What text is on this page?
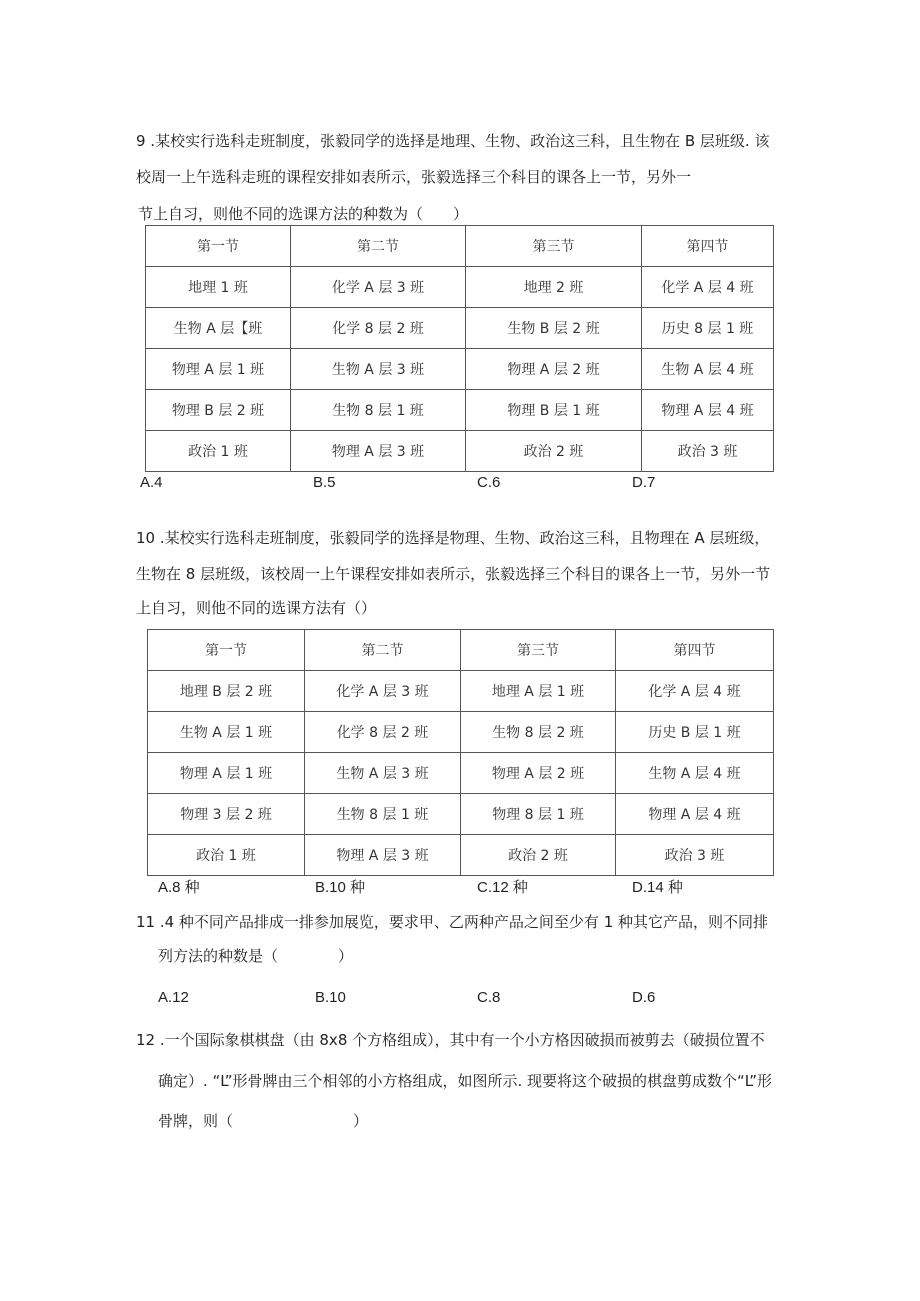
9 .某校实行选科走班制度，张毅同学的选择是地理、生物、政治这三科，且生物在 B 层班级. 该
校周一上午选科走班的课程安排如表所示，张毅选择三个科目的课各上一节，另外一
节上自习，则他不同的选课方法的种数为（　　）
第一节	第二节	第三节	第四节
地理 1 班	化学 A 层 3 班	地理 2 班	化学 A 层 4 班
生物 A 层【班	化学 8 层 2 班	生物 B 层 2 班	历史 8 层 1 班
物理 A 层 1 班	生物 A 层 3 班	物理 A 层 2 班	生物 A 层 4 班
物理 B 层 2 班	生物 8 层 1 班	物理 B 层 1 班	物理 A 层 4 班
政治 1 班	物理 A 层 3 班	政治 2 班	政治 3 班
A.4	B.5	C.6	D.7
10 .某校实行选科走班制度，张毅同学的选择是物理、生物、政治这三科，且物理在 A 层班级，
生物在 8 层班级，该校周一上午课程安排如表所示，张毅选择三个科目的课各上一节，另外一节
上自习，则他不同的选课方法有（）
第一节	第二节	第三节	第四节
地理 B 层 2 班	化学 A 层 3 班	地理 A 层 1 班	化学 A 层 4 班
生物 A 层 1 班	化学 8 层 2 班	生物 8 层 2 班	历史 B 层 1 班
物理 A 层 1 班	生物 A 层 3 班	物理 A 层 2 班	生物 A 层 4 班
物理 3 层 2 班	生物 8 层 1 班	物理 8 层 1 班	物理 A 层 4 班
政治 1 班	物理 A 层 3 班	政治 2 班	政治 3 班
A.8 种	B.10 种	C.12 种	D.14 种
11 .4 种不同产品排成一排参加展览，要求甲、乙两种产品之间至少有 1 种其它产品，则不同排
列方法的种数是（　　　　）
A.12	B.10	C.8	D.6
12 .一个国际象棋棋盘（由 8x8 个方格组成），其中有一个小方格因破损而被剪去（破损位置不
确定）. “L”形骨牌由三个相邻的小方格组成，如图所示. 现要将这个破损的棋盘剪成数个“L”形
骨牌，则（　　　　　　　　）
